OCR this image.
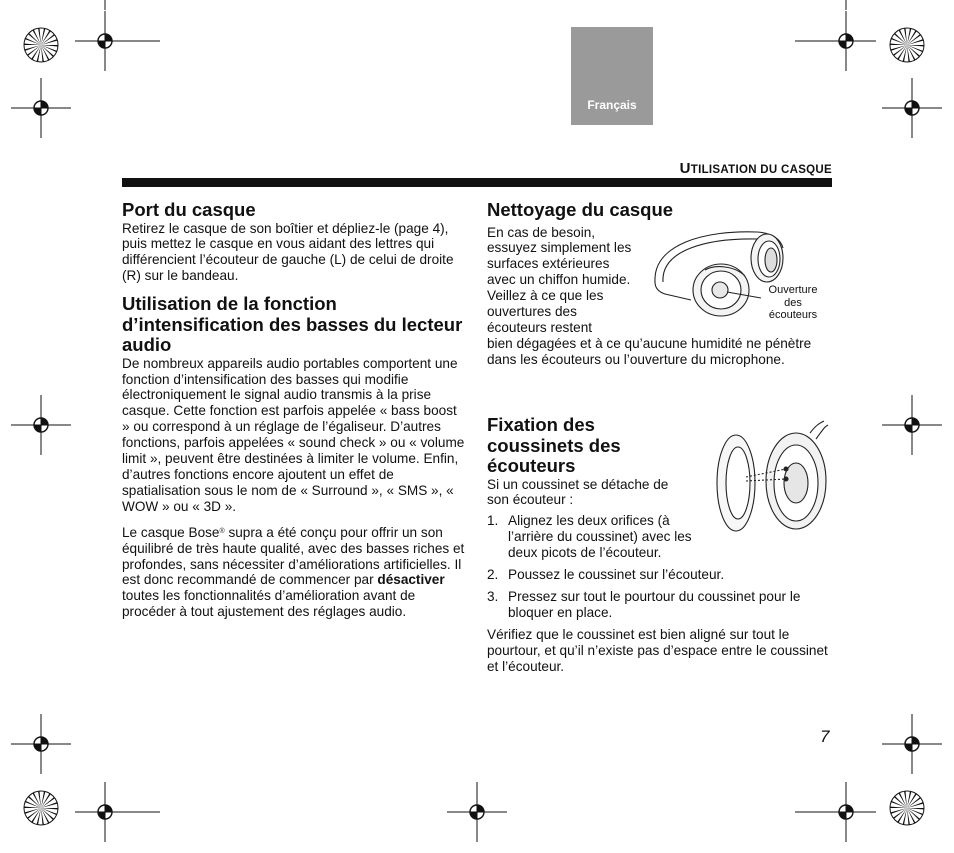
Français
UTILISATION DU CASQUE
Port du casque

Retirez le casque de son boîtier et dépliez-le (page 4), puis mettez le casque en vous aidant des lettres qui différencient l’écouteur de gauche (L) de celui de droite (R) sur le bandeau.

Utilisation de la fonction d’intensification des basses du lecteur audio

De nombreux appareils audio portables comportent une fonction d’intensification des basses qui modifie électroniquement le signal audio transmis à la prise casque. Cette fonction est parfois appelée « bass boost » ou correspond à un réglage de l’égaliseur. D’autres fonctions, parfois appelées « sound check » ou « volume limit », peuvent être destinées à limiter le volume. Enfin, d’autres fonctions encore ajoutent un effet de spatialisation sous le nom de « Surround », « SMS », « WOW » ou « 3D ».

Le casque Bose® supra a été conçu pour offrir un son équilibré de très haute qualité, avec des basses riches et profondes, sans nécessiter d’améliorations artificielles. Il est donc recommandé de commencer par désactiver toutes les fonctionnalités d’amélioration avant de procéder à tout ajustement des réglages audio.

Nettoyage du casque

En cas de besoin, essuyez simplement les surfaces extérieures avec un chiffon humide. Veillez à ce que les ouvertures des écouteurs restent

bien dégagées et à ce qu’aucune humidité ne pénètre dans les écouteurs ou l’ouverture du microphone.

Ouverture des écouteurs
Fixation des coussinets des écouteurs

Si un coussinet se détache de son écouteur :

1. Alignez les deux orifices (à l’arrière du coussinet) avec les deux picots de l’écouteur.
2. Poussez le coussinet sur l’écouteur.
3. Pressez sur tout le pourtour du coussinet pour le bloquer en place.

Vérifiez que le coussinet est bien aligné sur tout le pourtour, et qu’il n’existe pas d’espace entre le coussinet et l’écouteur.

7
